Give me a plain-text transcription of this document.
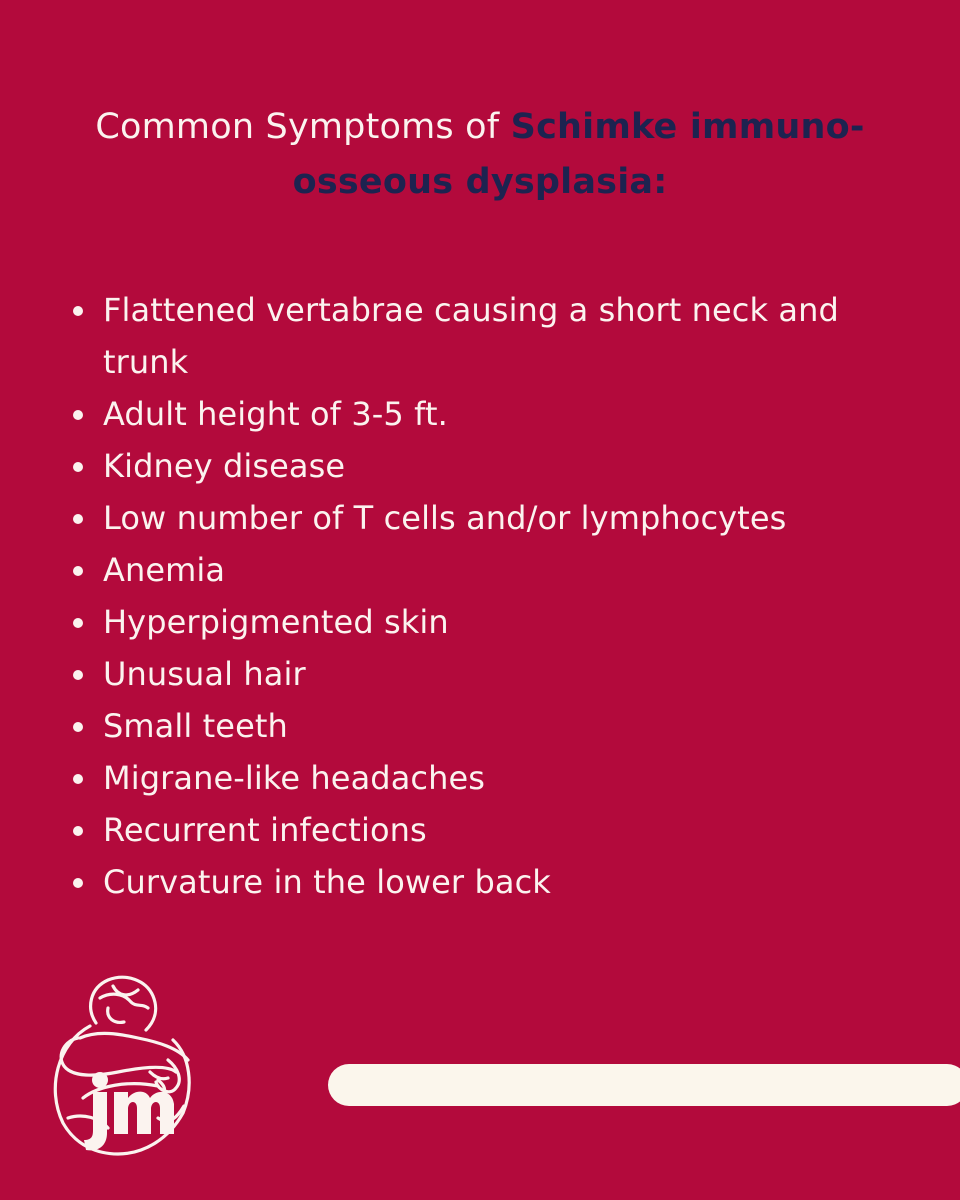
Common Symptoms of Schimke immuno-osseous dysplasia:
Flattened vertabrae causing a short neck and trunk
Adult height of 3-5 ft.
Kidney disease
Low number of T cells and/or lymphocytes
Anemia
Hyperpigmented skin
Unusual hair
Small teeth
Migrane-like headaches
Recurrent infections
Curvature in the lower back
